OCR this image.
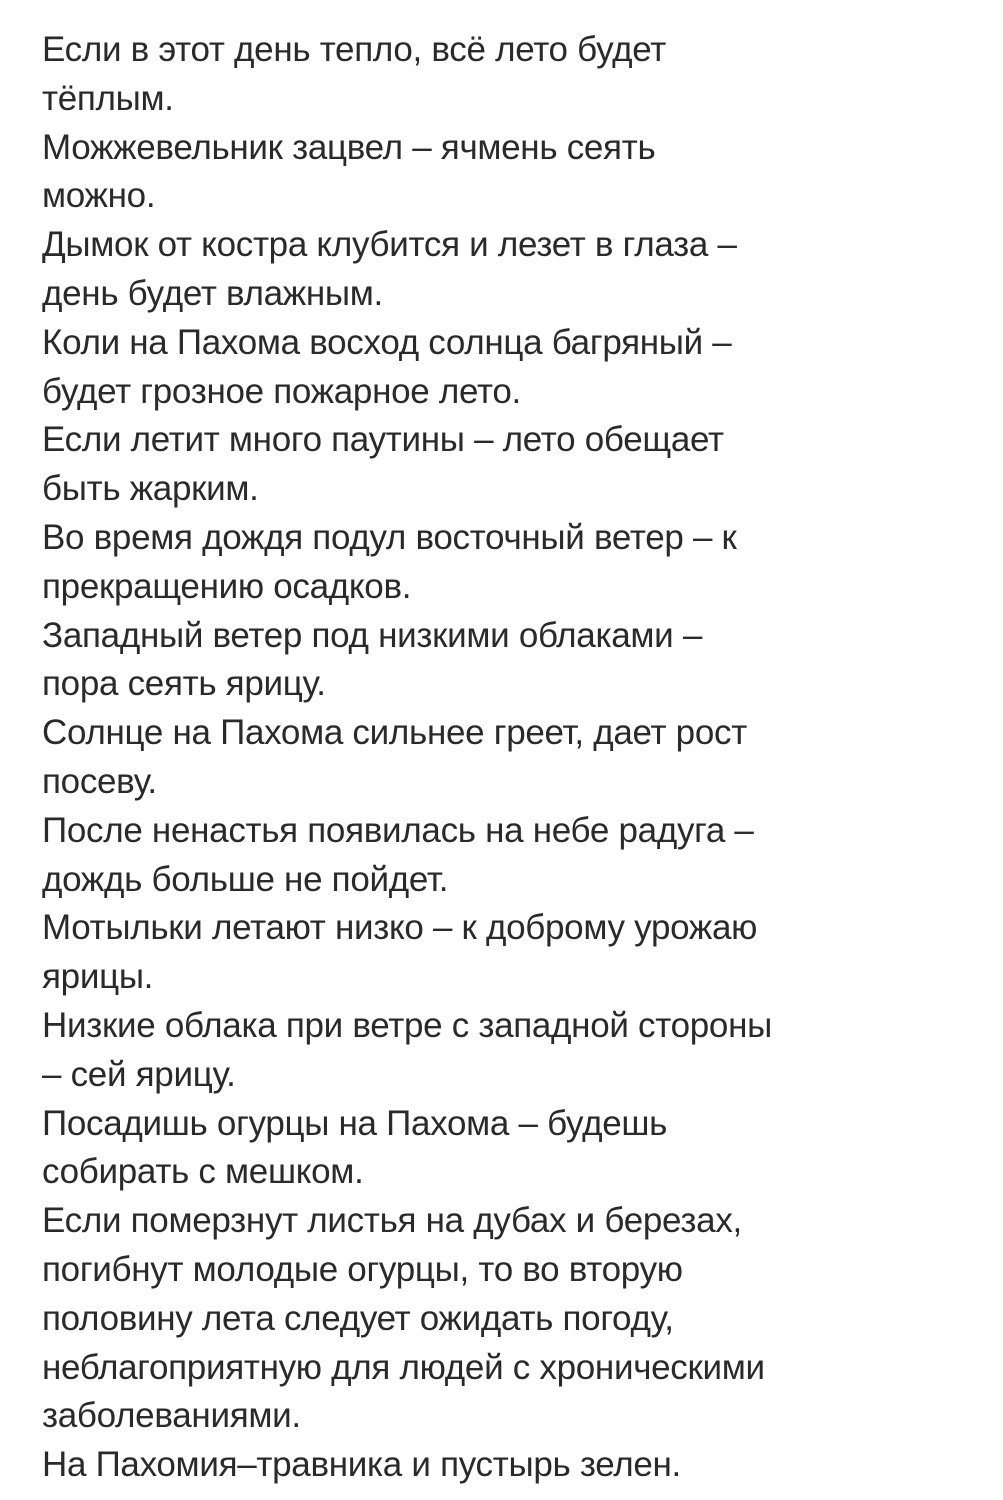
Если в этот день тепло, всё лето будет
тёплым.

Можжевельник зацвел – ячмень сеять
можно.

Дымок от костра клубится и лезет в глаза –
день будет влажным.

Коли на Пахома восход солнца багряный –
будет грозное пожарное лето.

Если летит много паутины – лето обещает
быть жарким.

Во время дождя подул восточный ветер – к
прекращению осадков.

Западный ветер под низкими облаками –
пора сеять ярицу.

Солнце на Пахома сильнее греет, дает рост
посеву.

После ненастья появилась на небе радуга –
дождь больше не пойдет.

Мотыльки летают низко – к доброму урожаю
ярицы.

Низкие облака при ветре с западной стороны
– сей ярицу.

Посадишь огурцы на Пахома – будешь
собирать с мешком.

Если померзнут листья на дубах и березах,
погибнут молодые огурцы, то во вторую
половину лета следует ожидать погоду,
неблагоприятную для людей с хроническими
заболеваниями.

На Пахомия–травника и пустырь зелен.
